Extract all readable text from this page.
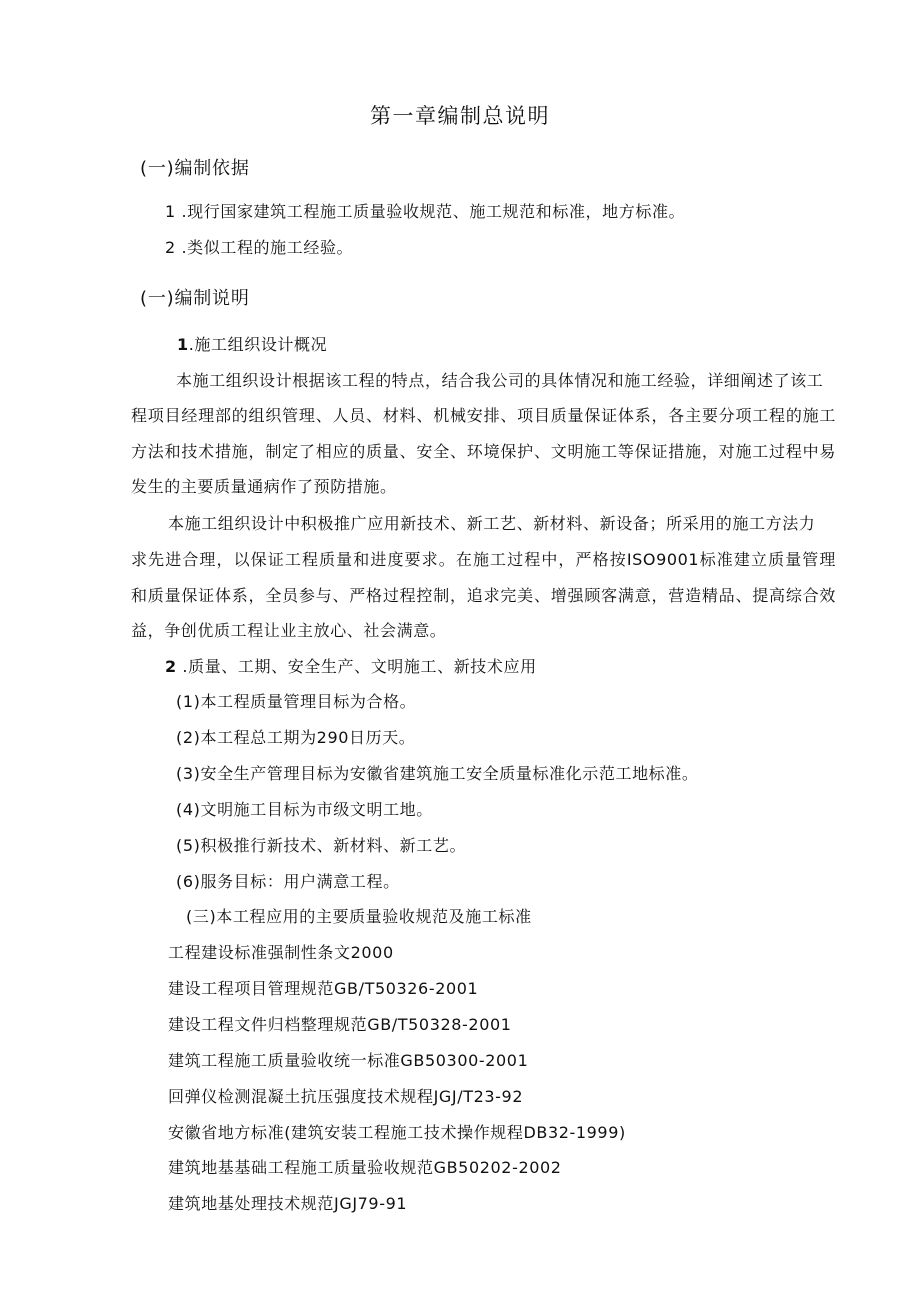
第一章编制总说明
(一)编制依据
1 .现行国家建筑工程施工质量验收规范、施工规范和标准，地方标准。
2 .类似工程的施工经验。
(一)编制说明
1.施工组织设计概况
本施工组织设计根据该工程的特点，结合我公司的具体情况和施工经验，详细阐述了该工
程项目经理部的组织管理、人员、材料、机械安排、项目质量保证体系，各主要分项工程的施工
方法和技术措施，制定了相应的质量、安全、环境保护、文明施工等保证措施，对施工过程中易
发生的主要质量通病作了预防措施。
本施工组织设计中积极推广应用新技术、新工艺、新材料、新设备；所采用的施工方法力
求先进合理，以保证工程质量和进度要求。在施工过程中，严格按ISO9001标准建立质量管理
和质量保证体系，全员参与、严格过程控制，追求完美、增强顾客满意，营造精品、提高综合效
益，争创优质工程让业主放心、社会满意。
2 .质量、工期、安全生产、文明施工、新技术应用
(1)本工程质量管理目标为合格。
(2)本工程总工期为290日历天。
(3)安全生产管理目标为安徽省建筑施工安全质量标准化示范工地标准。
(4)文明施工目标为市级文明工地。
(5)积极推行新技术、新材料、新工艺。
(6)服务目标：用户满意工程。
(三)本工程应用的主要质量验收规范及施工标准
工程建设标准强制性条文2000
建设工程项目管理规范GB/T50326-2001
建设工程文件归档整理规范GB/T50328-2001
建筑工程施工质量验收统一标准GB50300-2001
回弹仪检测混凝土抗压强度技术规程JGJ/T23-92
安徽省地方标准(建筑安装工程施工技术操作规程DB32-1999)
建筑地基基础工程施工质量验收规范GB50202-2002
建筑地基处理技术规范JGJ79-91
